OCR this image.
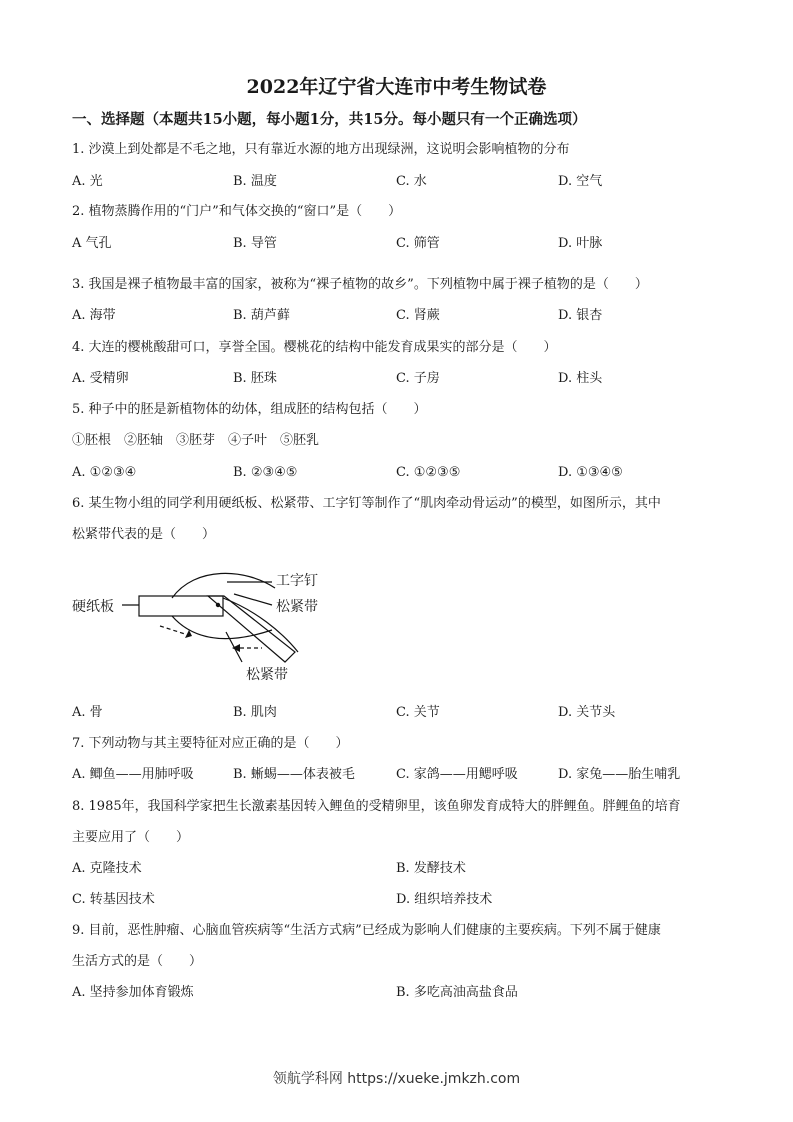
2022年辽宁省大连市中考生物试卷
一、选择题（本题共15小题，每小题1分，共15分。每小题只有一个正确选项）
1. 沙漠上到处都是不毛之地，只有靠近水源的地方出现绿洲，这说明会影响植物的分布
A. 光	B. 温度	C. 水	D. 空气
2. 植物蒸腾作用的“门户”和气体交换的“窗口”是（　　）
A 气孔	B. 导管	C. 筛管	D. 叶脉
3. 我国是裸子植物最丰富的国家，被称为“裸子植物的故乡”。下列植物中属于裸子植物的是（　　）
A. 海带	B. 葫芦藓	C. 肾蕨	D. 银杏
4. 大连的樱桃酸甜可口，享誉全国。樱桃花的结构中能发育成果实的部分是（　　）
A. 受精卵	B. 胚珠	C. 子房	D. 柱头
5. 种子中的胚是新植物体的幼体，组成胚的结构包括（　　）
①胚根　②胚轴　③胚芽　④子叶　⑤胚乳
A. ①②③④	B. ②③④⑤	C. ①②③⑤	D. ①③④⑤
6. 某生物小组的同学利用硬纸板、松紧带、工字钉等制作了“肌肉牵动骨运动”的模型，如图所示，其中
松紧带代表的是（　　）
硬纸板
工字钉
松紧带
松紧带
A. 骨	B. 肌肉	C. 关节	D. 关节头
7. 下列动物与其主要特征对应正确的是（　　）
A. 鲫鱼——用肺呼吸	B. 蜥蜴——体表被毛	C. 家鸽——用鳃呼吸	D. 家兔——胎生哺乳
8. 1985年，我国科学家把生长激素基因转入鲤鱼的受精卵里，该鱼卵发育成特大的胖鲤鱼。胖鲤鱼的培育
主要应用了（　　）
A. 克隆技术	B. 发酵技术
C. 转基因技术	D. 组织培养技术
9. 目前，恶性肿瘤、心脑血管疾病等“生活方式病”已经成为影响人们健康的主要疾病。下列不属于健康
生活方式的是（　　）
A. 坚持参加体育锻炼	B. 多吃高油高盐食品
领航学科网 https://xueke.jmkzh.com
